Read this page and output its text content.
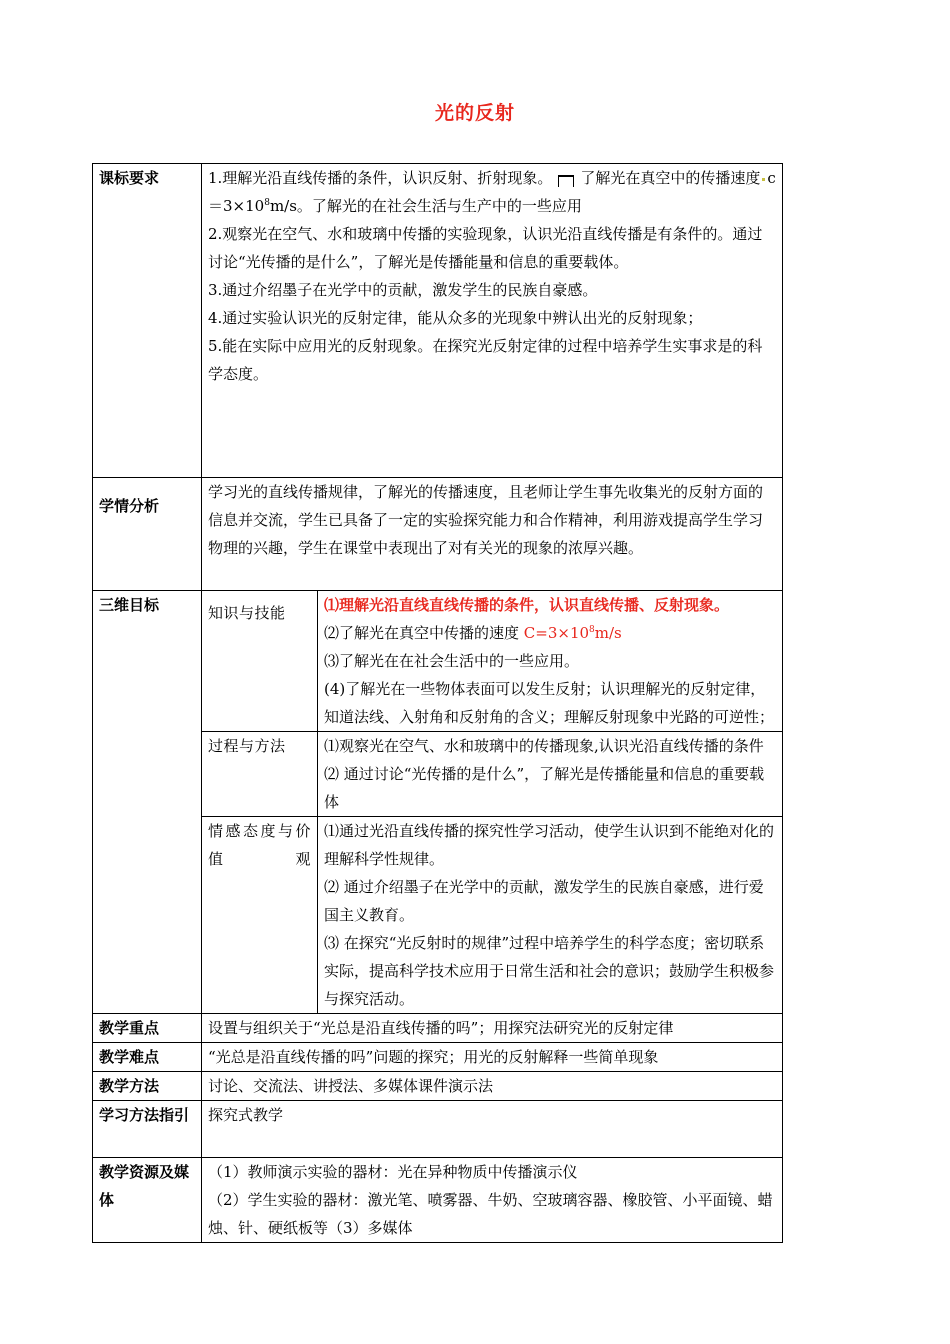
光的反射
课标要求	1.理解光沿直线传播的条件，认识反射、折射现象。 了解光在真空中的传播速度 $c=3\times 10^8m/s$。了解光的在社会生活与生产中的一些应用

2.观察光在空气、水和玻璃中传播的实验现象，认识光沿直线传播是有条件的。通过讨论“光传播的是什么”，了解光是传播能量和信息的重要载体。

3.通过介绍墨子在光学中的贡献，激发学生的民族自豪感。

4.通过实验认识光的反射定律，能从众多的光现象中辨认出光的反射现象；

5.能在实际中应用光的反射现象。在探究光反射定律的过程中培养学生实事求是的科学态度。	

学情分析	学习光的直线传播规律，了解光的传播速度，且老师让学生事先收集光的反射方面的信息并交流，学生已具备了一定的实验探究能力和合作精神，利用游戏提高学生学习物理的兴趣，学生在课堂中表现出了对有关光的现象的浓厚兴趣。	
三维目标	知识与技能	⑴理解光沿直线直线传播的条件，认识直线传播、反射现象。

⑵了解光在真空中传播的速度 $C=3\times 10^8m/s$

⑶了解光在在社会生活中的一些应用。

(4)了解光在一些物体表面可以发生反射；认识理解光的反射定律，知道法线、入射角和反射角的含义；理解反射现象中光路的可逆性；

	过程与方法	⑴观察光在空气、水和玻璃中的传播现象,认识光沿直线传播的条件

⑵ 通过讨论“光传播的是什么”，了解光是传播能量和信息的重要载体

	情感态度与价值观	⑴通过光沿直线传播的探究性学习活动，使学生认识到不能绝对化的理解科学性规律。

⑵ 通过介绍墨子在光学中的贡献，激发学生的民族自豪感，进行爱国主义教育。

⑶ 在探究“光反射时的规律”过程中培养学生的科学态度；密切联系实际，提高科学技术应用于日常生活和社会的意识；鼓励学生积极参与探究活动。

教学重点	设置与组织关于“光总是沿直线传播的吗”；用探究法研究光的反射定律	
教学难点	“光总是沿直线传播的吗”问题的探究；用光的反射解释一些简单现象	
教学方法	讨论、交流法、讲授法、多媒体课件演示法	
学习方法指引	探究式教学	
教学资源及媒体	（1）教师演示实验的器材：光在异种物质中传播演示仪

（2）学生实验的器材：激光笔、喷雾器、牛奶、空玻璃容器、橡胶管、小平面镜、蜡烛、针、硬纸板等（3）多媒体	
